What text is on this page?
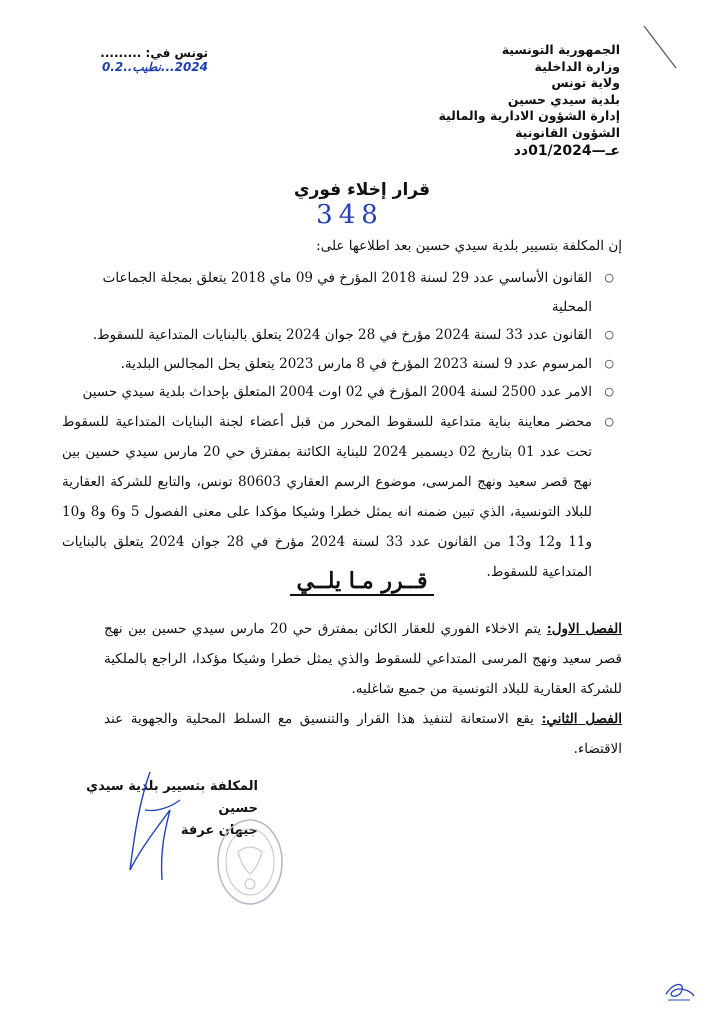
الجمهورية التونسية
وزارة الداخلية
ولاية تونس
بلدية سيدي حسين
إدارة الشؤون الادارية والمالية
الشؤون القانونية
عـ—01/2024دد
تونس في: ......... 2024...نطيب..0.2
قرار إخلاء فوري
348
إن المكلفة بتسيير بلدية سيدي حسين بعد اطلاعها على:
○
القانون الأساسي عدد 29 لسنة 2018 المؤرخ في 09 ماي 2018 يتعلق بمجلة الجماعات المحلية
○
القانون عدد 33 لسنة 2024 مؤرخ في 28 جوان 2024 يتعلق بالبنايات المتداعية للسقوط.
○
المرسوم عدد 9 لسنة 2023 المؤرخ في 8 مارس 2023 يتعلق بحل المجالس البلدية.
○
الامر عدد 2500 لسنة 2004 المؤرخ في 02 اوت 2004 المتعلق بإحداث بلدية سيدي حسين
○
محضر معاينة بناية متداعية للسقوط المحرر من قبل أعضاء لجنة البنايات المتداعية للسقوط تحت عدد 01 بتاريخ 02 ديسمبر 2024 للبناية الكائنة بمفترق حي 20 مارس سيدي حسين بين نهج قصر سعيد ونهج المرسى، موضوع الرسم العقاري 80603 تونس، والتابع للشركة العقارية للبلاد التونسية، الذي تبين ضمنه انه يمثل خطرا وشيكا مؤكدا على معنى الفصول 5 و6 و8 و10 و11 و12 و13 من القانون عدد 33 لسنة 2024 مؤرخ في 28 جوان 2024 يتعلق بالبنايات المتداعية للسقوط.
قــرر مـا يلــي
الفصل الاول: يتم الاخلاء الفوري للعقار الكائن بمفترق حي 20 مارس سيدي حسين بين نهج قصر سعيد ونهج المرسى المتداعي للسقوط والذي يمثل خطرا وشيكا مؤكدا، الراجع بالملكية للشركة العقارية للبلاد التونسية من جميع شاغليه.
الفصل الثاني: يقع الاستعانة لتنفيذ هذا القرار والتنسيق مع السلط المحلية والجهوية عند الاقتضاء.
المكلفة بتسيير بلدية سيدي حسين
جيهان عرفة
